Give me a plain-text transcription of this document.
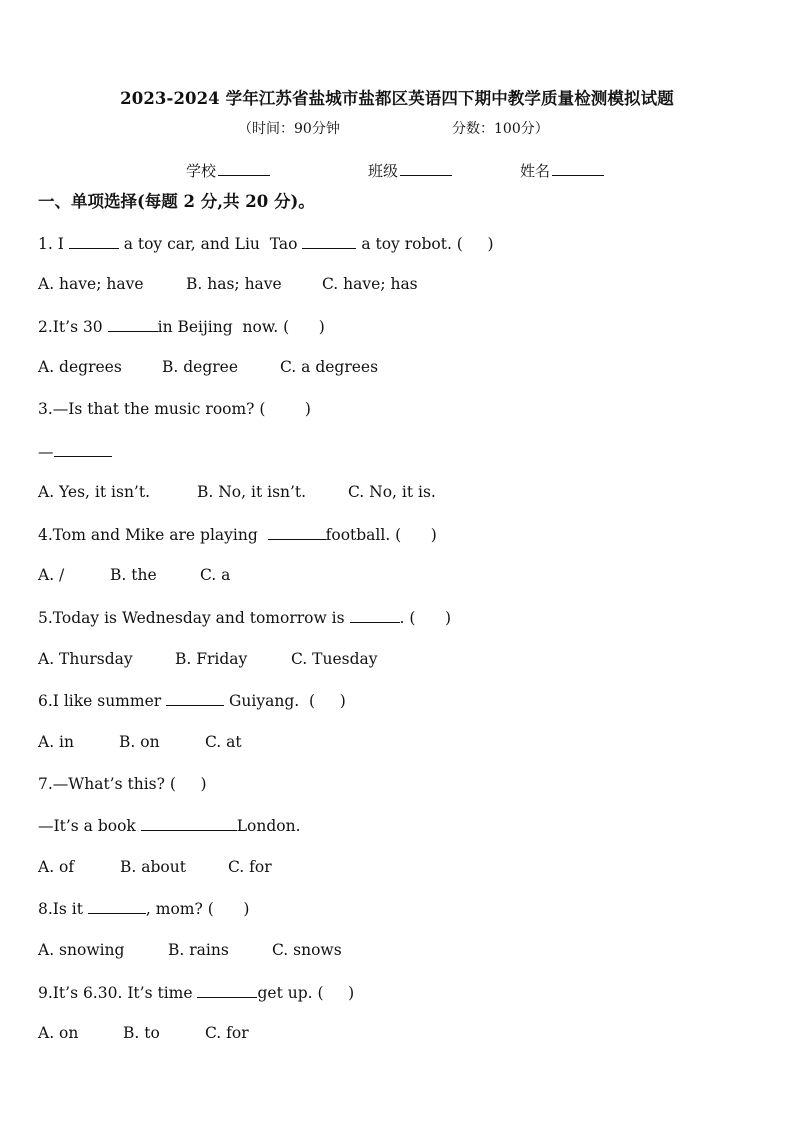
2023-2024 学年江苏省盐城市盐都区英语四下期中教学质量检测模拟试题
（时间：90分钟	分数：100分）
学校	班级	姓名
一、单项选择(每题 2 分,共 20 分)。
1. I	a toy car, and Liu  Tao	a toy robot. (     )
A. have; have	B. has; have	C. have; has
2.It’s 30	in Beijing  now. (      )
A. degrees	B. degree	C. a degrees
3.—Is that the music room? (        )
—
A. Yes, it isn’t.	B. No, it isn’t.	C. No, it is.
4.Tom and Mike are playing	football. (      )
A. /	B. the	C. a
5.Today is Wednesday and tomorrow is	. (      )
A. Thursday	B. Friday	C. Tuesday
6.I like summer	Guiyang.  (     )
A. in	B. on	C. at
7.—What’s this? (     )
—It’s a book	London.
A. of	B. about	C. for
8.Is it	, mom? (      )
A. snowing	B. rains	C. snows
9.It’s 6.30. It’s time	get up. (     )
A. on	B. to	C. for
